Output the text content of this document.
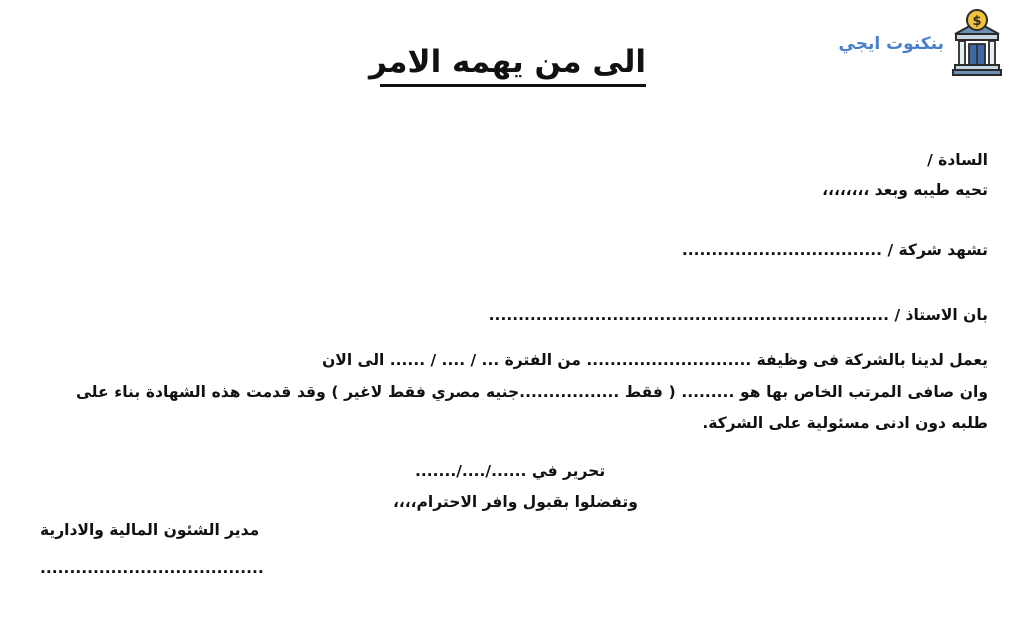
$
بنكنوت ايجي
الى من يهمه الامر
السادة /
تحيه طيبه وبعد ،،،،،،،،
تشهد شركة / ..................................
بان الاستاذ / ....................................................................
يعمل لدينا بالشركة فى وظيفة ............................ من الفترة ... / .... / ...... الى الان
وان صافى المرتب الخاص بها هو ......... ( فقط .................جنيه مصري فقط لاغير ) وقد قدمت هذه الشهادة بناء على
طلبه دون ادنى مسئولية على الشركة.
تحرير في ....../..../.......
وتفضلوا بقبول وافر الاحترام،،،،
مدير الشئون المالية والادارية
......................................
